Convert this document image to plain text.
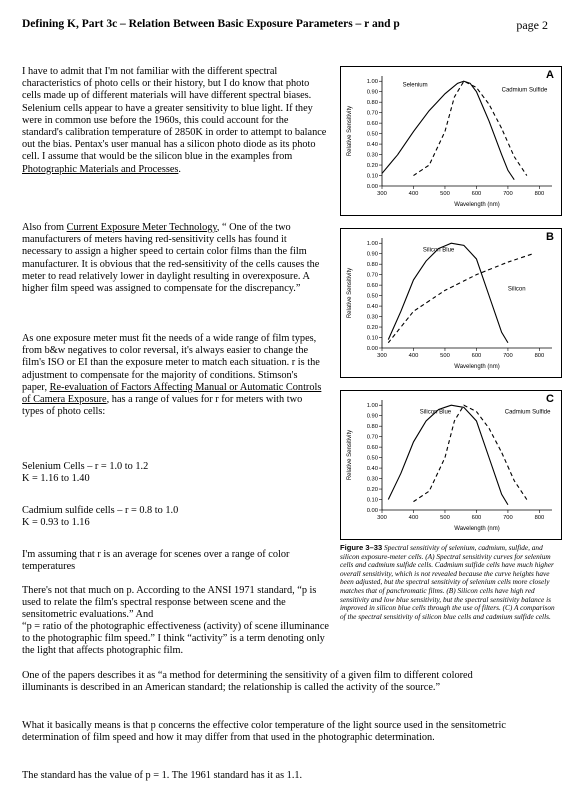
Defining K, Part 3c – Relation Between Basic Exposure Parameters – r and p	page 2

I have to admit that I'm not familiar with the different spectral characteristics of photo cells or their history, but I do know that photo cells made up of different materials will have different spectral biases. Selenium cells appear to have a greater sensitivity to blue light. If they were in common use before the 1960s, this could account for the standard's calibration temperature of 2850K in order to attempt to balance out the bias. Pentax's user manual has a silicon photo diode as its photo cell. I assume that would be the silicon blue in the examples from Photographic Materials and Processes.

Also from Current Exposure Meter Technology, “ One of the two manufacturers of meters having red-sensitivity cells has found it necessary to assign a higher speed to certain color films than the film manufacturer. It is obvious that the red-sensitivity of the cells causes the meter to read relatively lower in daylight resulting in overexposure. A higher film speed was assigned to compensate for the discrepancy.”

As one exposure meter must fit the needs of a wide range of film types, from b&w negatives to color reversal, it's always easier to change the film's ISO or EI than the exposure meter to match each situation. r is the adjustment to compensate for the majority of conditions. Stimson's paper, Re-evaluation of Factors Affecting Manual or Automatic Controls of Camera Exposure, has a range of values for r for meters with two types of photo cells:

Selenium Cells – r = 1.0 to 1.2
K = 1.16 to 1.40

Cadmium sulfide cells – r = 0.8 to 1.0
K = 0.93 to 1.16

I'm assuming that r is an average for scenes over a range of color temperatures

There's not that much on p. According to the ANSI 1971 standard, “p is used to relate the film's spectral response between scene and the sensitometric evaluations.” And

“p = ratio of the photographic effectiveness (activity) of scene illuminance to the photographic film speed.” I think “activity” is a term denoting only the light that affects photographic film.

One of the papers describes it as “a method for determining the sensitivity of a given film to different colored illuminants is described in an American standard; the relationship is called the activity of the source.”

What it basically means is that p concerns the effective color temperature of the light source used in the sensitometric determination of film speed and how it may differ from that used in the photographic determination.

The standard has the value of p = 1. The 1961 standard has it as 1.1.

A
1.00
0.90
0.80
0.70
0.60
0.50
0.40
0.30
0.20
0.10
0.00
300	400	500	600	700	800
Wavelength (nm)
Relative Sensitivity
Selenium
Cadmium Sulfide
B
1.00
0.90
0.80
0.70
0.60
0.50
0.40
0.30
0.20
0.10
0.00
300	400	500	600	700	800
Wavelength (nm)
Relative Sensitivity
Silicon Blue
Silicon
C
1.00
0.90
0.80
0.70
0.60
0.50
0.40
0.30
0.20
0.10
0.00
300	400	500	600	700	800
Wavelength (nm)
Relative Sensitivity
Silicon Blue	Cadmium Sulfide
Figure 3–33 Spectral sensitivity of selenium, cadmium, sulfide, and silicon exposure-meter cells. (A) Spectral sensitivity curves for selenium cells and cadmium sulfide cells. Cadmium sulfide cells have much higher overall sensitivity, which is not revealed because the curve heights have been adjusted, but the spectral sensitivity of selenium cells more closely matches that of panchromatic films. (B) Silicon cells have high red sensitivity and low blue sensitivity, but the spectral sensitivity balance is improved in silicon blue cells through the use of filters. (C) A comparison of the spectral sensitivity of silicon blue cells and cadmium sulfide cells.
